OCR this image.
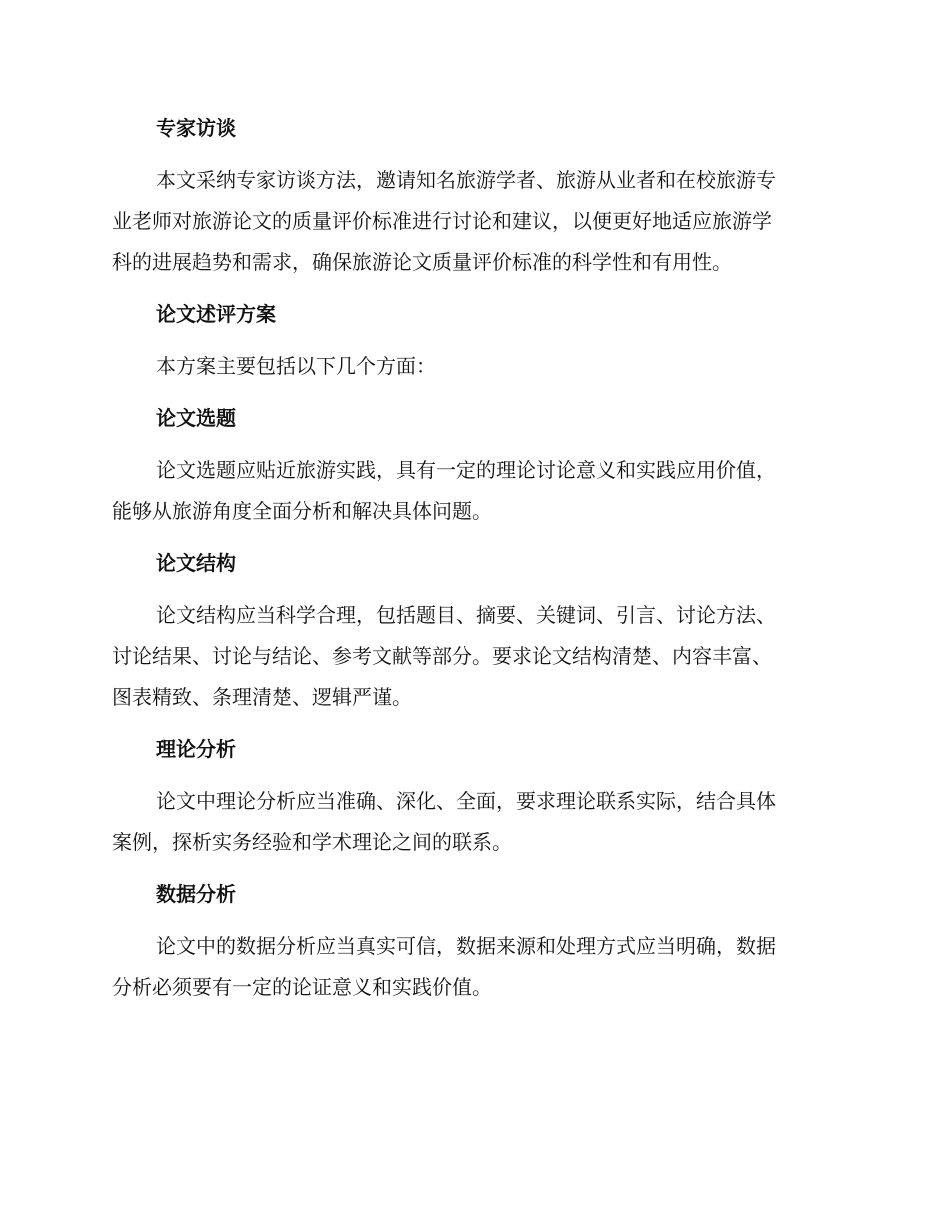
专家访谈
本文采纳专家访谈方法，邀请知名旅游学者、旅游从业者和在校旅游专
业老师对旅游论文的质量评价标准进行讨论和建议，以便更好地适应旅游学
科的进展趋势和需求，确保旅游论文质量评价标准的科学性和有用性。
论文述评方案
本方案主要包括以下几个方面：
论文选题
论文选题应贴近旅游实践，具有一定的理论讨论意义和实践应用价值，
能够从旅游角度全面分析和解决具体问题。
论文结构
论文结构应当科学合理，包括题目、摘要、关键词、引言、讨论方法、
讨论结果、讨论与结论、参考文献等部分。要求论文结构清楚、内容丰富、
图表精致、条理清楚、逻辑严谨。
理论分析
论文中理论分析应当准确、深化、全面，要求理论联系实际，结合具体
案例，探析实务经验和学术理论之间的联系。
数据分析
论文中的数据分析应当真实可信，数据来源和处理方式应当明确，数据
分析必须要有一定的论证意义和实践价值。
